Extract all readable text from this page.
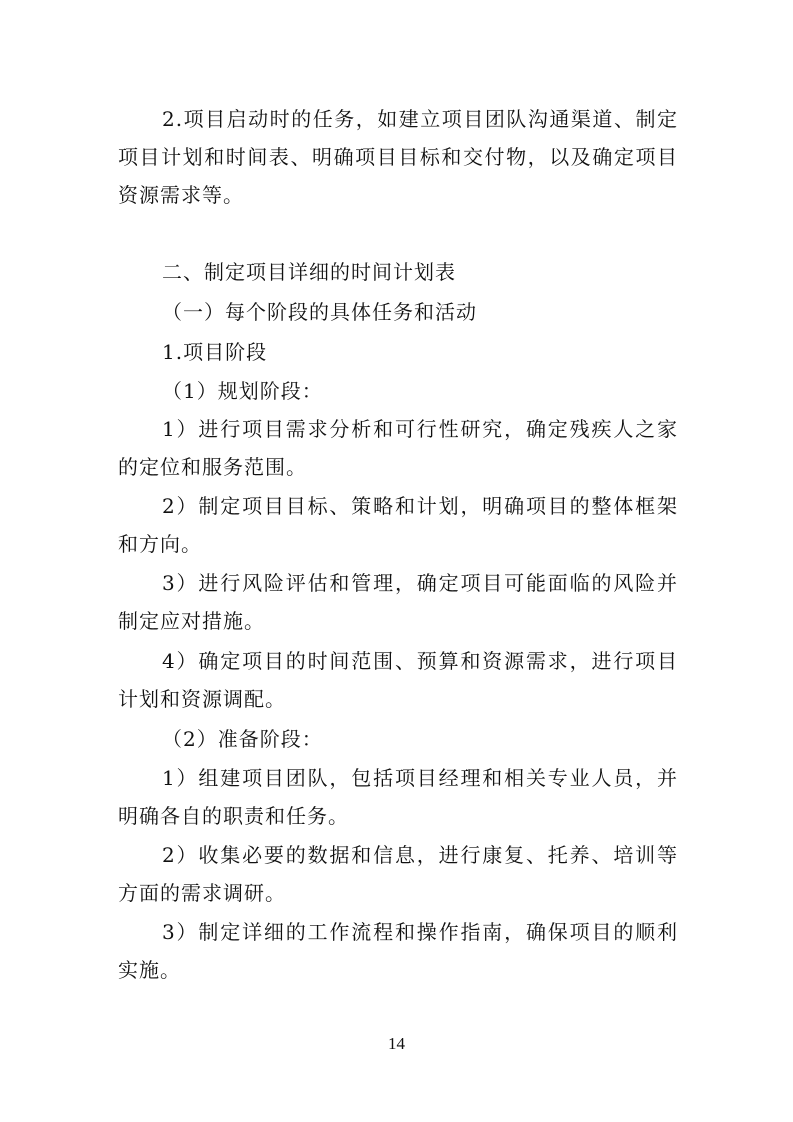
2.项目启动时的任务，如建立项目团队沟通渠道、制定项目计划和时间表、明确项目目标和交付物，以及确定项目资源需求等。
二、制定项目详细的时间计划表
（一）每个阶段的具体任务和活动
1.项目阶段
（1）规划阶段：
1）进行项目需求分析和可行性研究，确定残疾人之家的定位和服务范围。
2）制定项目目标、策略和计划，明确项目的整体框架和方向。
3）进行风险评估和管理，确定项目可能面临的风险并制定应对措施。
4）确定项目的时间范围、预算和资源需求，进行项目计划和资源调配。
（2）准备阶段：
1）组建项目团队，包括项目经理和相关专业人员，并明确各自的职责和任务。
2）收集必要的数据和信息，进行康复、托养、培训等方面的需求调研。
3）制定详细的工作流程和操作指南，确保项目的顺利实施。
14
